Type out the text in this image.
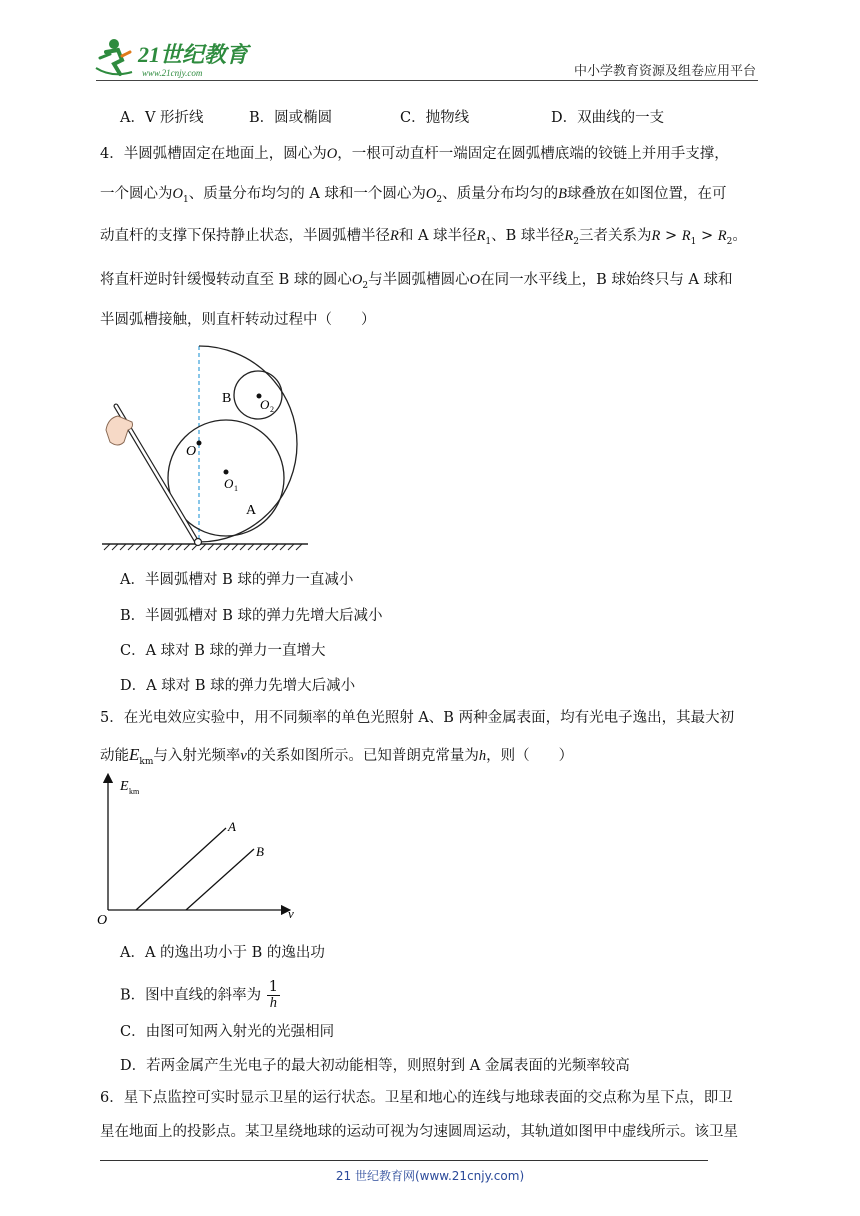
21世纪教育
www.21cnjy.com	中小学教育资源及组卷应用平台
A．V 形折线	B．圆或椭圆	C．抛物线	D．双曲线的一支
4．半圆弧槽固定在地面上，圆心为O，一根可动直杆一端固定在圆弧槽底端的铰链上并用手支撑，
一个圆心为$O_1$、质量分布均匀的 A 球和一个圆心为$O_2$、质量分布均匀的B球叠放在如图位置，在可
动直杆的支撑下保持静止状态，半圆弧槽半径R和 A 球半径$R_1$、B 球半径$R_2$三者关系为$R > R_1 > R_2$。
将直杆逆时针缓慢转动直至 B 球的圆心$O_2$与半圆弧槽圆心O在同一水平线上，B 球始终只与 A 球和
半圆弧槽接触，则直杆转动过程中（　　）
B
O
O 1
O 2
A
A．半圆弧槽对 B 球的弹力一直减小
B．半圆弧槽对 B 球的弹力先增大后减小
C．A 球对 B 球的弹力一直增大
D．A 球对 B 球的弹力先增大后减小
5．在光电效应实验中，用不同频率的单色光照射 A、B 两种金属表面，均有光电子逸出，其最大初
动能$E_{km}$与入射光频率ν的关系如图所示。已知普朗克常量为h，则（　　）
E km
ν
O
A
B
A．A 的逸出功小于 B 的逸出功
B．图中直线的斜率为 $\frac{1}{h}$
C．由图可知两入射光的光强相同
D．若两金属产生光电子的最大初动能相等，则照射到 A 金属表面的光频率较高
6．星下点监控可实时显示卫星的运行状态。卫星和地心的连线与地球表面的交点称为星下点，即卫
星在地面上的投影点。某卫星绕地球的运动可视为匀速圆周运动，其轨道如图甲中虚线所示。该卫星
21 世纪教育网(www.21cnjy.com)
